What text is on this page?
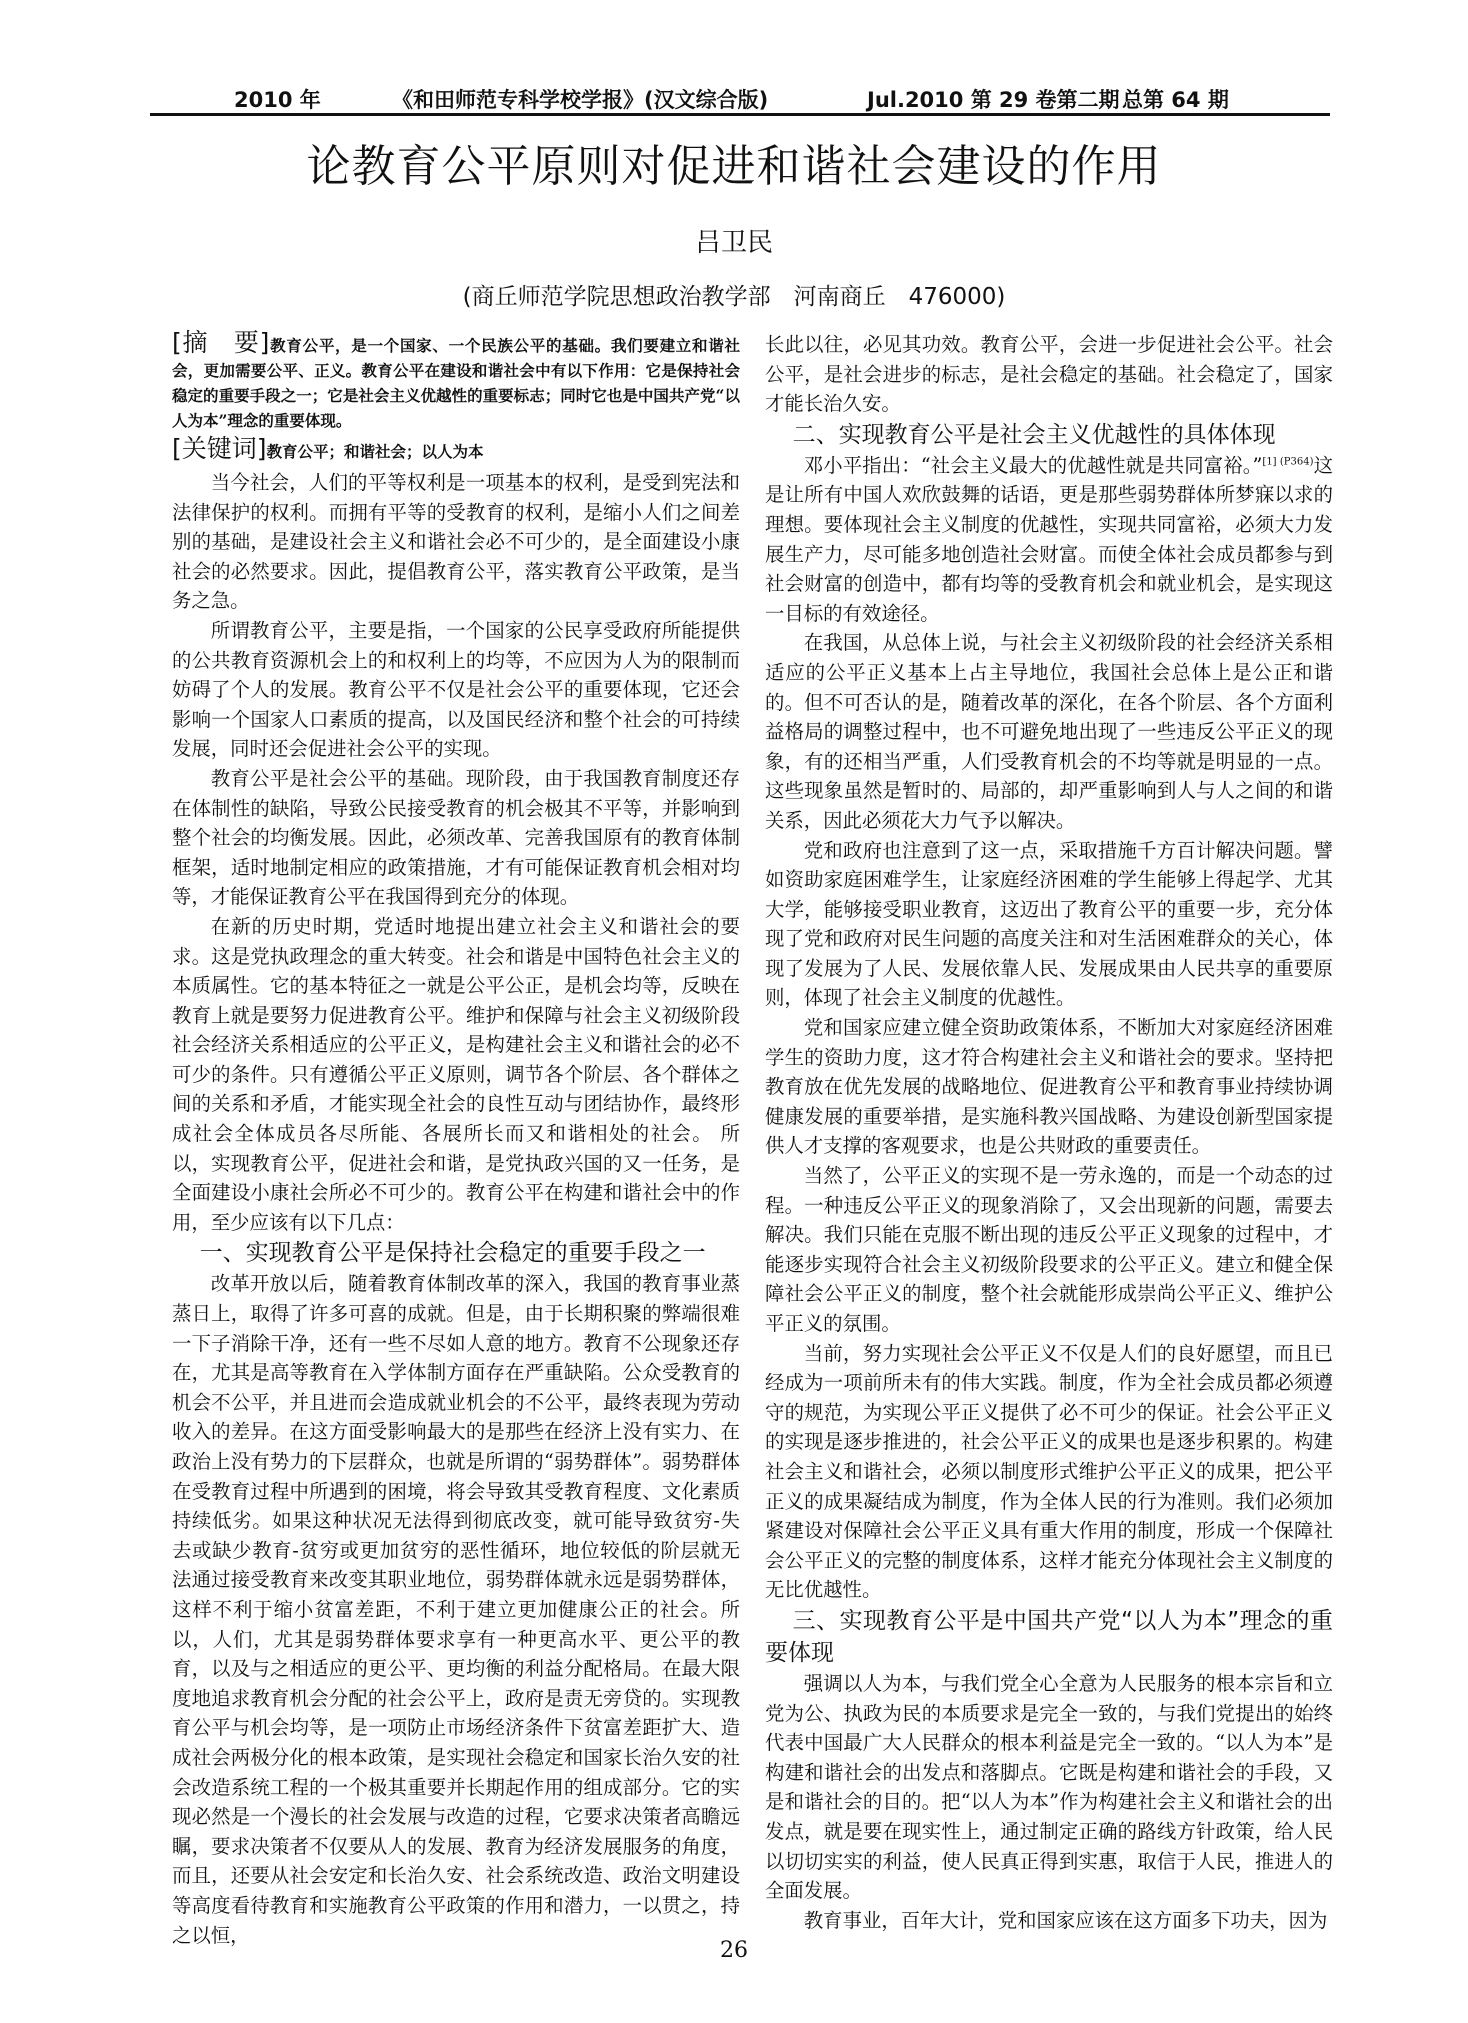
2010 年	《和田师范专科学校学报》(汉文综合版)	Jul.2010 第 29 卷第二期 总第 64 期
论教育公平原则对促进和谐社会建设的作用
吕卫民
(商丘师范学院思想政治教学部　河南商丘　476000)

[摘　要]教育公平，是一个国家、一个民族公平的基础。我们要建立和谐社会，更加需要公平、正义。教育公平在建设和谐社会中有以下作用：它是保持社会稳定的重要手段之一；它是社会主义优越性的重要标志；同时它也是中国共产党“以人为本”理念的重要体现。

[关键词]教育公平；和谐社会；以人为本

当今社会，人们的平等权利是一项基本的权利，是受到宪法和法律保护的权利。而拥有平等的受教育的权利，是缩小人们之间差别的基础，是建设社会主义和谐社会必不可少的，是全面建设小康社会的必然要求。因此，提倡教育公平，落实教育公平政策，是当务之急。

所谓教育公平，主要是指，一个国家的公民享受政府所能提供的公共教育资源机会上的和权利上的均等，不应因为人为的限制而妨碍了个人的发展。教育公平不仅是社会公平的重要体现，它还会影响一个国家人口素质的提高，以及国民经济和整个社会的可持续发展，同时还会促进社会公平的实现。

教育公平是社会公平的基础。现阶段，由于我国教育制度还存在体制性的缺陷，导致公民接受教育的机会极其不平等，并影响到整个社会的均衡发展。因此，必须改革、完善我国原有的教育体制框架，适时地制定相应的政策措施，才有可能保证教育机会相对均等，才能保证教育公平在我国得到充分的体现。

在新的历史时期，党适时地提出建立社会主义和谐社会的要求。这是党执政理念的重大转变。社会和谐是中国特色社会主义的本质属性。它的基本特征之一就是公平公正，是机会均等，反映在教育上就是要努力促进教育公平。维护和保障与社会主义初级阶段社会经济关系相适应的公平正义，是构建社会主义和谐社会的必不可少的条件。只有遵循公平正义原则，调节各个阶层、各个群体之间的关系和矛盾，才能实现全社会的良性互动与团结协作，最终形成社会全体成员各尽所能、各展所长而又和谐相处的社会。 所以，实现教育公平，促进社会和谐，是党执政兴国的又一任务，是全面建设小康社会所必不可少的。教育公平在构建和谐社会中的作用，至少应该有以下几点：

一、实现教育公平是保持社会稳定的重要手段之一

改革开放以后，随着教育体制改革的深入，我国的教育事业蒸蒸日上，取得了许多可喜的成就。但是，由于长期积聚的弊端很难一下子消除干净，还有一些不尽如人意的地方。教育不公现象还存在，尤其是高等教育在入学体制方面存在严重缺陷。公众受教育的机会不公平，并且进而会造成就业机会的不公平，最终表现为劳动收入的差异。在这方面受影响最大的是那些在经济上没有实力、在政治上没有势力的下层群众，也就是所谓的“弱势群体”。弱势群体在受教育过程中所遇到的困境，将会导致其受教育程度、文化素质持续低劣。如果这种状况无法得到彻底改变，就可能导致贫穷-失去或缺少教育-贫穷或更加贫穷的恶性循环，地位较低的阶层就无法通过接受教育来改变其职业地位，弱势群体就永远是弱势群体，这样不利于缩小贫富差距，不利于建立更加健康公正的社会。所以，人们，尤其是弱势群体要求享有一种更高水平、更公平的教育，以及与之相适应的更公平、更均衡的利益分配格局。在最大限度地追求教育机会分配的社会公平上，政府是责无旁贷的。实现教育公平与机会均等，是一项防止市场经济条件下贫富差距扩大、造成社会两极分化的根本政策，是实现社会稳定和国家长治久安的社会改造系统工程的一个极其重要并长期起作用的组成部分。它的实现必然是一个漫长的社会发展与改造的过程，它要求决策者高瞻远瞩，要求决策者不仅要从人的发展、教育为经济发展服务的角度，而且，还要从社会安定和长治久安、社会系统改造、政治文明建设等高度看待教育和实施教育公平政策的作用和潜力，一以贯之，持之以恒，

长此以往，必见其功效。教育公平，会进一步促进社会公平。社会公平，是社会进步的标志，是社会稳定的基础。社会稳定了，国家才能长治久安。

二、实现教育公平是社会主义优越性的具体体现

邓小平指出：“社会主义最大的优越性就是共同富裕。”$^{[1] (P364)}$这是让所有中国人欢欣鼓舞的话语，更是那些弱势群体所梦寐以求的理想。要体现社会主义制度的优越性，实现共同富裕，必须大力发展生产力，尽可能多地创造社会财富。而使全体社会成员都参与到社会财富的创造中，都有均等的受教育机会和就业机会，是实现这一目标的有效途径。

在我国，从总体上说，与社会主义初级阶段的社会经济关系相适应的公平正义基本上占主导地位，我国社会总体上是公正和谐的。但不可否认的是，随着改革的深化，在各个阶层、各个方面利益格局的调整过程中，也不可避免地出现了一些违反公平正义的现象，有的还相当严重，人们受教育机会的不均等就是明显的一点。这些现象虽然是暂时的、局部的，却严重影响到人与人之间的和谐关系，因此必须花大力气予以解决。

党和政府也注意到了这一点，采取措施千方百计解决问题。譬如资助家庭困难学生，让家庭经济困难的学生能够上得起学、尤其大学，能够接受职业教育，这迈出了教育公平的重要一步，充分体现了党和政府对民生问题的高度关注和对生活困难群众的关心，体现了发展为了人民、发展依靠人民、发展成果由人民共享的重要原则，体现了社会主义制度的优越性。

党和国家应建立健全资助政策体系，不断加大对家庭经济困难学生的资助力度，这才符合构建社会主义和谐社会的要求。坚持把教育放在优先发展的战略地位、促进教育公平和教育事业持续协调健康发展的重要举措，是实施科教兴国战略、为建设创新型国家提供人才支撑的客观要求，也是公共财政的重要责任。

当然了，公平正义的实现不是一劳永逸的，而是一个动态的过程。一种违反公平正义的现象消除了，又会出现新的问题，需要去解决。我们只能在克服不断出现的违反公平正义现象的过程中，才能逐步实现符合社会主义初级阶段要求的公平正义。建立和健全保障社会公平正义的制度，整个社会就能形成崇尚公平正义、维护公平正义的氛围。

当前，努力实现社会公平正义不仅是人们的良好愿望，而且已经成为一项前所未有的伟大实践。制度，作为全社会成员都必须遵守的规范，为实现公平正义提供了必不可少的保证。社会公平正义的实现是逐步推进的，社会公平正义的成果也是逐步积累的。构建社会主义和谐社会，必须以制度形式维护公平正义的成果，把公平正义的成果凝结成为制度，作为全体人民的行为准则。我们必须加紧建设对保障社会公平正义具有重大作用的制度，形成一个保障社会公平正义的完整的制度体系，这样才能充分体现社会主义制度的无比优越性。

三、实现教育公平是中国共产党“以人为本”理念的重要体现

强调以人为本，与我们党全心全意为人民服务的根本宗旨和立党为公、执政为民的本质要求是完全一致的，与我们党提出的始终代表中国最广大人民群众的根本利益是完全一致的。“以人为本”是构建和谐社会的出发点和落脚点。它既是构建和谐社会的手段，又是和谐社会的目的。把“以人为本”作为构建社会主义和谐社会的出发点，就是要在现实性上，通过制定正确的路线方针政策，给人民以切切实实的利益，使人民真正得到实惠，取信于人民，推进人的全面发展。

教育事业，百年大计，党和国家应该在这方面多下功夫，因为

26
